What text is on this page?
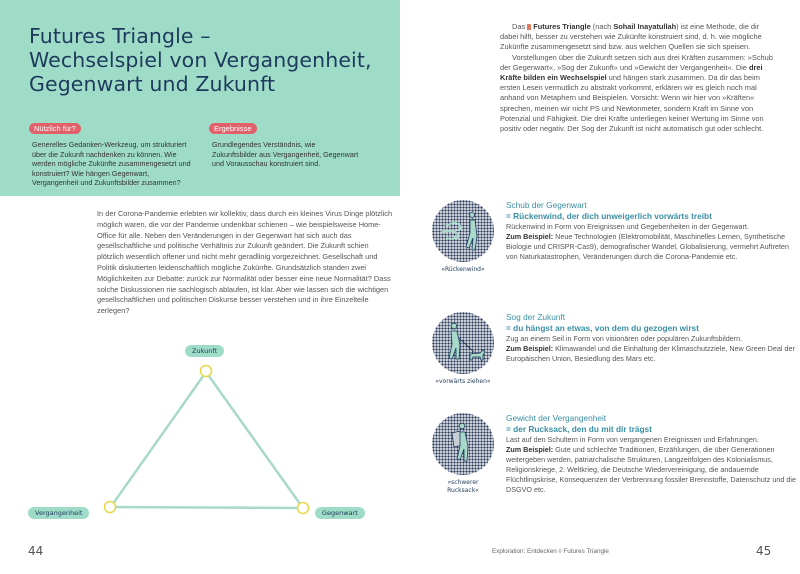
Futures Triangle –
Wechselspiel von Vergangenheit,
Gegenwart und Zukunft
Nützlich für?
Generelles Gedanken-Werkzeug, um strukturiert über die Zukunft nachdenken zu können. Wie werden mögliche Zukünfte zusammengesetzt und konstruiert? Wie hängen Gegenwart, Vergangenheit und Zukunftsbilder zusammen?
Ergebnisse
Grundlegendes Verständnis, wie Zukunftsbilder aus Vergangenheit, Gegenwart und Vorausschau konstruiert sind.
In der Corona-Pandemie erlebten wir kollektiv, dass durch ein kleines Virus Dinge plötzlich möglich waren, die vor der Pandemie undenkbar schienen – wie beispielsweise Home-Office für alle. Neben den Veränderungen in der Gegenwart hat sich auch das gesellschaftliche und politische Verhältnis zur Zukunft geändert. Die Zukunft schien plötzlich wesentlich offener und nicht mehr geradlinig vorgezeichnet. Gesellschaft und Politik diskutierten leidenschaftlich mögliche Zukünfte. Grundsätzlich standen zwei Möglichkeiten zur Debatte: zurück zur Normalität oder besser eine neue Normalität? Dass solche Diskussionen nie sachlogisch ablaufen, ist klar. Aber wie lassen sich die wichtigen gesellschaftlichen und politischen Diskurse besser verstehen und in ihre Einzelteile zerlegen?
Zukunft
Vergangenheit	Gegenwart
44

Das Futures Triangle (nach Sohail Inayatullah) ist eine Methode, die dir dabei hilft, besser zu verstehen wie Zukünfte konstruiert sind, d. h. wie mögliche Zukünfte zusammengesetzt sind bzw. aus welchen Quellen sie sich speisen.

Vorstellungen über die Zukunft setzen sich aus drei Kräften zusammen: »Schub der Gegenwart«, »Sog der Zukunft« und »Gewicht der Vergangenheit«. Die drei Kräfte bilden ein Wechselspiel und hängen stark zusammen. Da dir das beim ersten Lesen vermutlich zu abstrakt vorkommt, erklären wir es gleich noch mal anhand von Metaphern und Beispielen. Vorsicht: Wenn wir hier von »Kräften« sprechen, meinen wir nicht PS und Newtonmeter, sondern Kraft im Sinne von Potenzial und Fähigkeit. Die drei Kräfte unterliegen keiner Wertung im Sinne von positiv oder negativ. Der Sog der Zukunft ist nicht automatisch gut oder schlecht.

»Rückenwind«
Schub der Gegenwart
= Rückenwind, der dich unweigerlich vorwärts treibt
Rückenwind in Form von Ereignissen und Gegebenheiten in der Gegenwart.
Zum Beispiel: Neue Technologien (Elektromobilität, Maschinelles Lernen, Synthetische Biologie und CRISPR-Cas9), demografischer Wandel, Globalisierung, vermehrt Auftreten von Naturkatastrophen, Veränderungen durch die Corona-Pandemie etc.
»vorwärts ziehen«
Sog der Zukunft
= du hängst an etwas, von dem du gezogen wirst
Zug an einem Seil in Form von visionären oder populären Zukunftsbildern.
Zum Beispiel: Klimawandel und die Einhaltung der Klimaschutzziele, New Green Deal der Europäischen Union, Besiedlung des Mars etc.
»schwerer Rucksack«
Gewicht der Vergangenheit
= der Rucksack, den du mit dir trägst
Last auf den Schultern in Form von vergangenen Ereignissen und Erfahrungen.
Zum Beispiel: Gute und schlechte Traditionen, Erzählungen, die über Generationen weitergeben werden, patriarchalische Strukturen, Langzeitfolgen des Kolonialismus, Religionskriege, 2. Weltkrieg, die Deutsche Wiedervereinigung, die andauernde Flüchtlingskrise, Konsequenzen der Verbrennung fossiler Brennstoffe, Datenschutz und die DSGVO etc.
Exploration: Entdecken ◊ Futures Triangle	45
